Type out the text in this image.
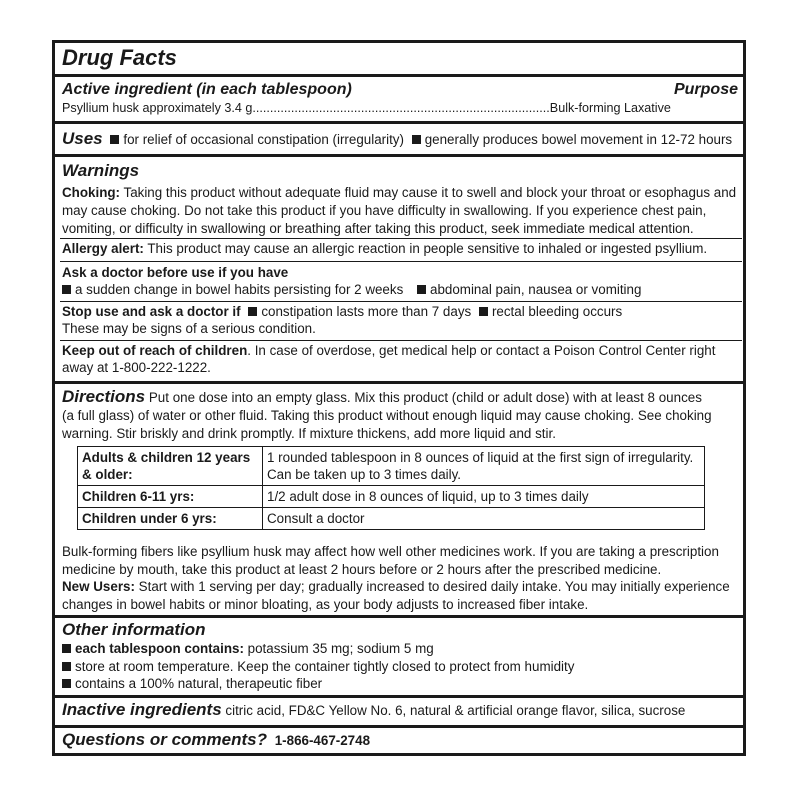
Drug Facts
Active ingredient (in each tablespoon)	Purpose
Psyllium husk approximately 3.4 g.....................................................................................Bulk-forming Laxative
Uses for relief of occasional constipation (irregularity) generally produces bowel movement in 12-72 hours
Warnings
Choking: Taking this product without adequate fluid may cause it to swell and block your throat or esophagus and
may cause choking. Do not take this product if you have difficulty in swallowing. If you experience chest pain,
vomiting, or difficulty in swallowing or breathing after taking this product, seek immediate medical attention.
Allergy alert: This product may cause an allergic reaction in people sensitive to inhaled or ingested psyllium.
Ask a doctor before use if you have
a sudden change in bowel habits persisting for 2 weeks abdominal pain, nausea or vomiting
Stop use and ask a doctor if constipation lasts more than 7 days rectal bleeding occurs
These may be signs of a serious condition.
Keep out of reach of children. In case of overdose, get medical help or contact a Poison Control Center right
away at 1-800-222-1222.
Directions Put one dose into an empty glass. Mix this product (child or adult dose) with at least 8 ounces
(a full glass) of water or other fluid. Taking this product without enough liquid may cause choking. See choking
warning. Stir briskly and drink promptly. If mixture thickens, add more liquid and stir.
Adults & children 12 years & older:	1 rounded tablespoon in 8 ounces of liquid at the first sign of irregularity.
Can be taken up to 3 times daily.
Children 6-11 yrs:	1/2 adult dose in 8 ounces of liquid, up to 3 times daily
Children under 6 yrs:	Consult a doctor
Bulk-forming fibers like psyllium husk may affect how well other medicines work. If you are taking a prescription
medicine by mouth, take this product at least 2 hours before or 2 hours after the prescribed medicine.
New Users: Start with 1 serving per day; gradually increased to desired daily intake. You may initially experience
changes in bowel habits or minor bloating, as your body adjusts to increased fiber intake.
Other information
each tablespoon contains: potassium 35 mg; sodium 5 mg
store at room temperature. Keep the container tightly closed to protect from humidity
contains a 100% natural, therapeutic fiber
Inactive ingredients citric acid, FD&C Yellow No. 6, natural & artificial orange flavor, silica, sucrose
Questions or comments? 1-866-467-2748
